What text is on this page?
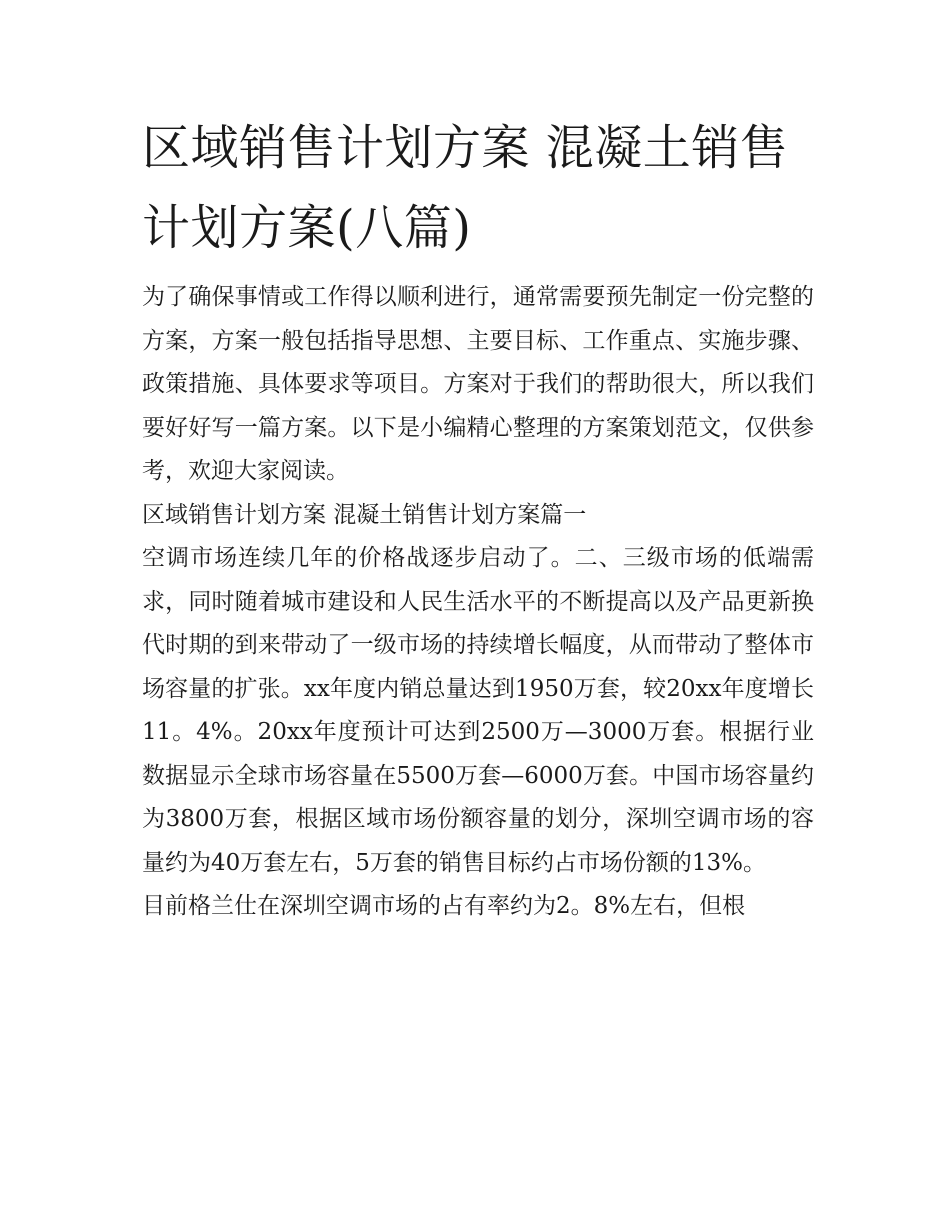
区域销售计划方案 混凝土销售计划方案(八篇)

为了确保事情或工作得以顺利进行，通常需要预先制定一份完整的方案，方案一般包括指导思想、主要目标、工作重点、实施步骤、政策措施、具体要求等项目。方案对于我们的帮助很大，所以我们要好好写一篇方案。以下是小编精心整理的方案策划范文，仅供参考，欢迎大家阅读。

区域销售计划方案 混凝土销售计划方案篇一

空调市场连续几年的价格战逐步启动了。二、三级市场的低端需求，同时随着城市建设和人民生活水平的不断提高以及产品更新换代时期的到来带动了一级市场的持续增长幅度，从而带动了整体市场容量的扩张。xx年度内销总量达到1950万套，较20xx年度增长11。4%。20xx年度预计可达到2500万—3000万套。根据行业数据显示全球市场容量在5500万套—6000万套。中国市场容量约为3800万套，根据区域市场份额容量的划分，深圳空调市场的容量约为40万套左右，5万套的销售目标约占市场份额的13%。

目前格兰仕在深圳空调市场的占有率约为2。8%左右，但根
